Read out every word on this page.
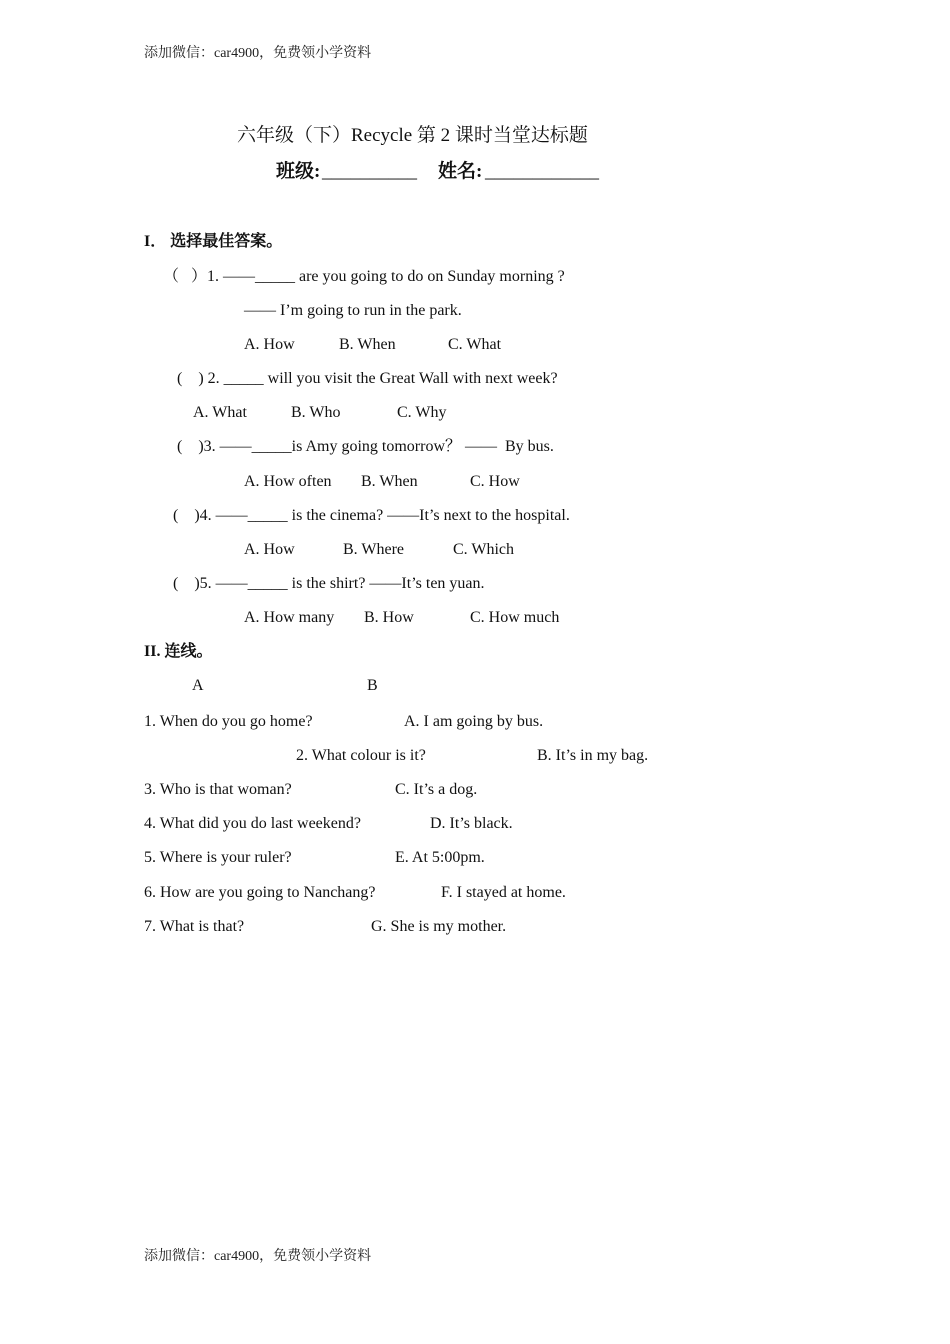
添加微信：car4900，免费领小学资料
六年级（下）Recycle 第 2 课时当堂达标题
班级: __________ 姓名: ____________
I． 选择最佳答案。
（   ）1. ——_____ are you going to do on Sunday morning ?
—— I’m going to run in the park.
A. How	B. When	C. What
(    ) 2. _____ will you visit the Great Wall with next week?
A. What	B. Who	C. Why
(    )3. ——_____is Amy going tomorrow？ ——  By bus.
A. How often B. When	C. How
(    )4. ——_____ is the cinema? ——It’s next to the hospital.
A. How	B. Where	C. Which
(    )5. ——_____ is the shirt? ——It’s ten yuan.
A. How many B. How	C. How much
II. 连线。
A	B
1. When do you go home?	A. I am going by bus.
2. What colour is it?	B. It’s in my bag.
3. Who is that woman?	C. It’s a dog.
4. What did you do last weekend?	D. It’s black.
5. Where is your ruler?	E. At 5:00pm.
6. How are you going to Nanchang?	F. I stayed at home.
7. What is that?	G. She is my mother.
添加微信：car4900，免费领小学资料
